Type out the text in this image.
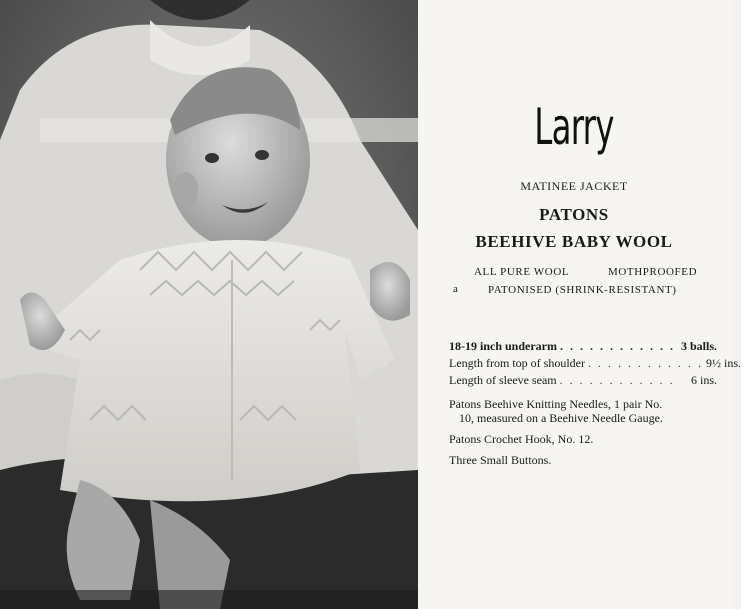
Larry
MATINEE JACKET
PATONS
BEEHIVE BABY WOOL
ALL PURE WOOL	MOTHPROOFED
a	PATONISED (SHRINK-RESISTANT)
18-19 inch underarm . . . . . . . . . . . . 3 balls.
Length from top of shoulder . . . . . . . . . . . . 9½ ins.
Length of sleeve seam . . . . . . . . . . . .	6 ins.

Patons Beehive Knitting Needles, 1 pair No.
10, measured on a Beehive Needle Gauge.

Patons Crochet Hook, No. 12.

Three Small Buttons.
